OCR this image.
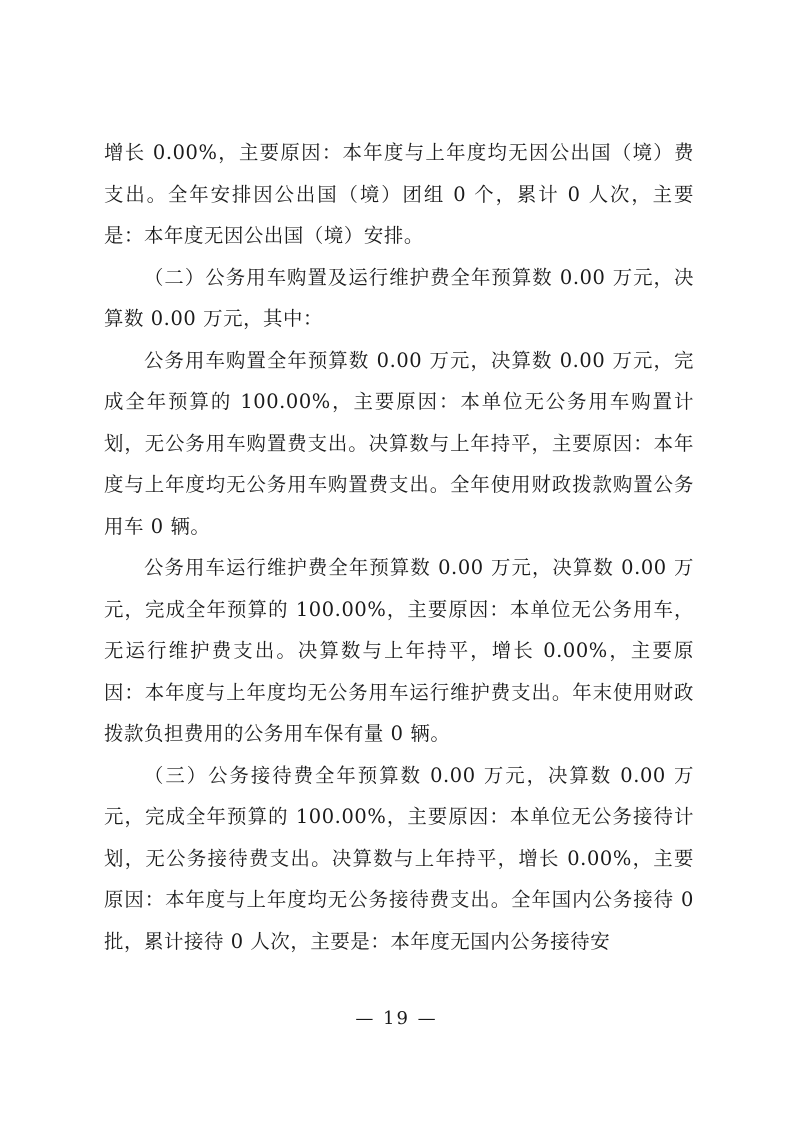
增长 0.00%，主要原因：本年度与上年度均无因公出国（境）费支出。全年安排因公出国（境）团组 0 个，累计 0 人次，主要是：本年度无因公出国（境）安排。

（二）公务用车购置及运行维护费全年预算数 0.00 万元，决算数 0.00 万元，其中：

公务用车购置全年预算数 0.00 万元，决算数 0.00 万元，完成全年预算的 100.00%，主要原因：本单位无公务用车购置计划，无公务用车购置费支出。决算数与上年持平，主要原因：本年度与上年度均无公务用车购置费支出。全年使用财政拨款购置公务用车 0 辆。

公务用车运行维护费全年预算数 0.00 万元，决算数 0.00 万元，完成全年预算的 100.00%，主要原因：本单位无公务用车，无运行维护费支出。决算数与上年持平，增长 0.00%，主要原因：本年度与上年度均无公务用车运行维护费支出。年末使用财政拨款负担费用的公务用车保有量 0 辆。

（三）公务接待费全年预算数 0.00 万元，决算数 0.00 万元，完成全年预算的 100.00%，主要原因：本单位无公务接待计划，无公务接待费支出。决算数与上年持平，增长 0.00%，主要原因：本年度与上年度均无公务接待费支出。全年国内公务接待 0 批，累计接待 0 人次，主要是：本年度无国内公务接待安

— 19 —
